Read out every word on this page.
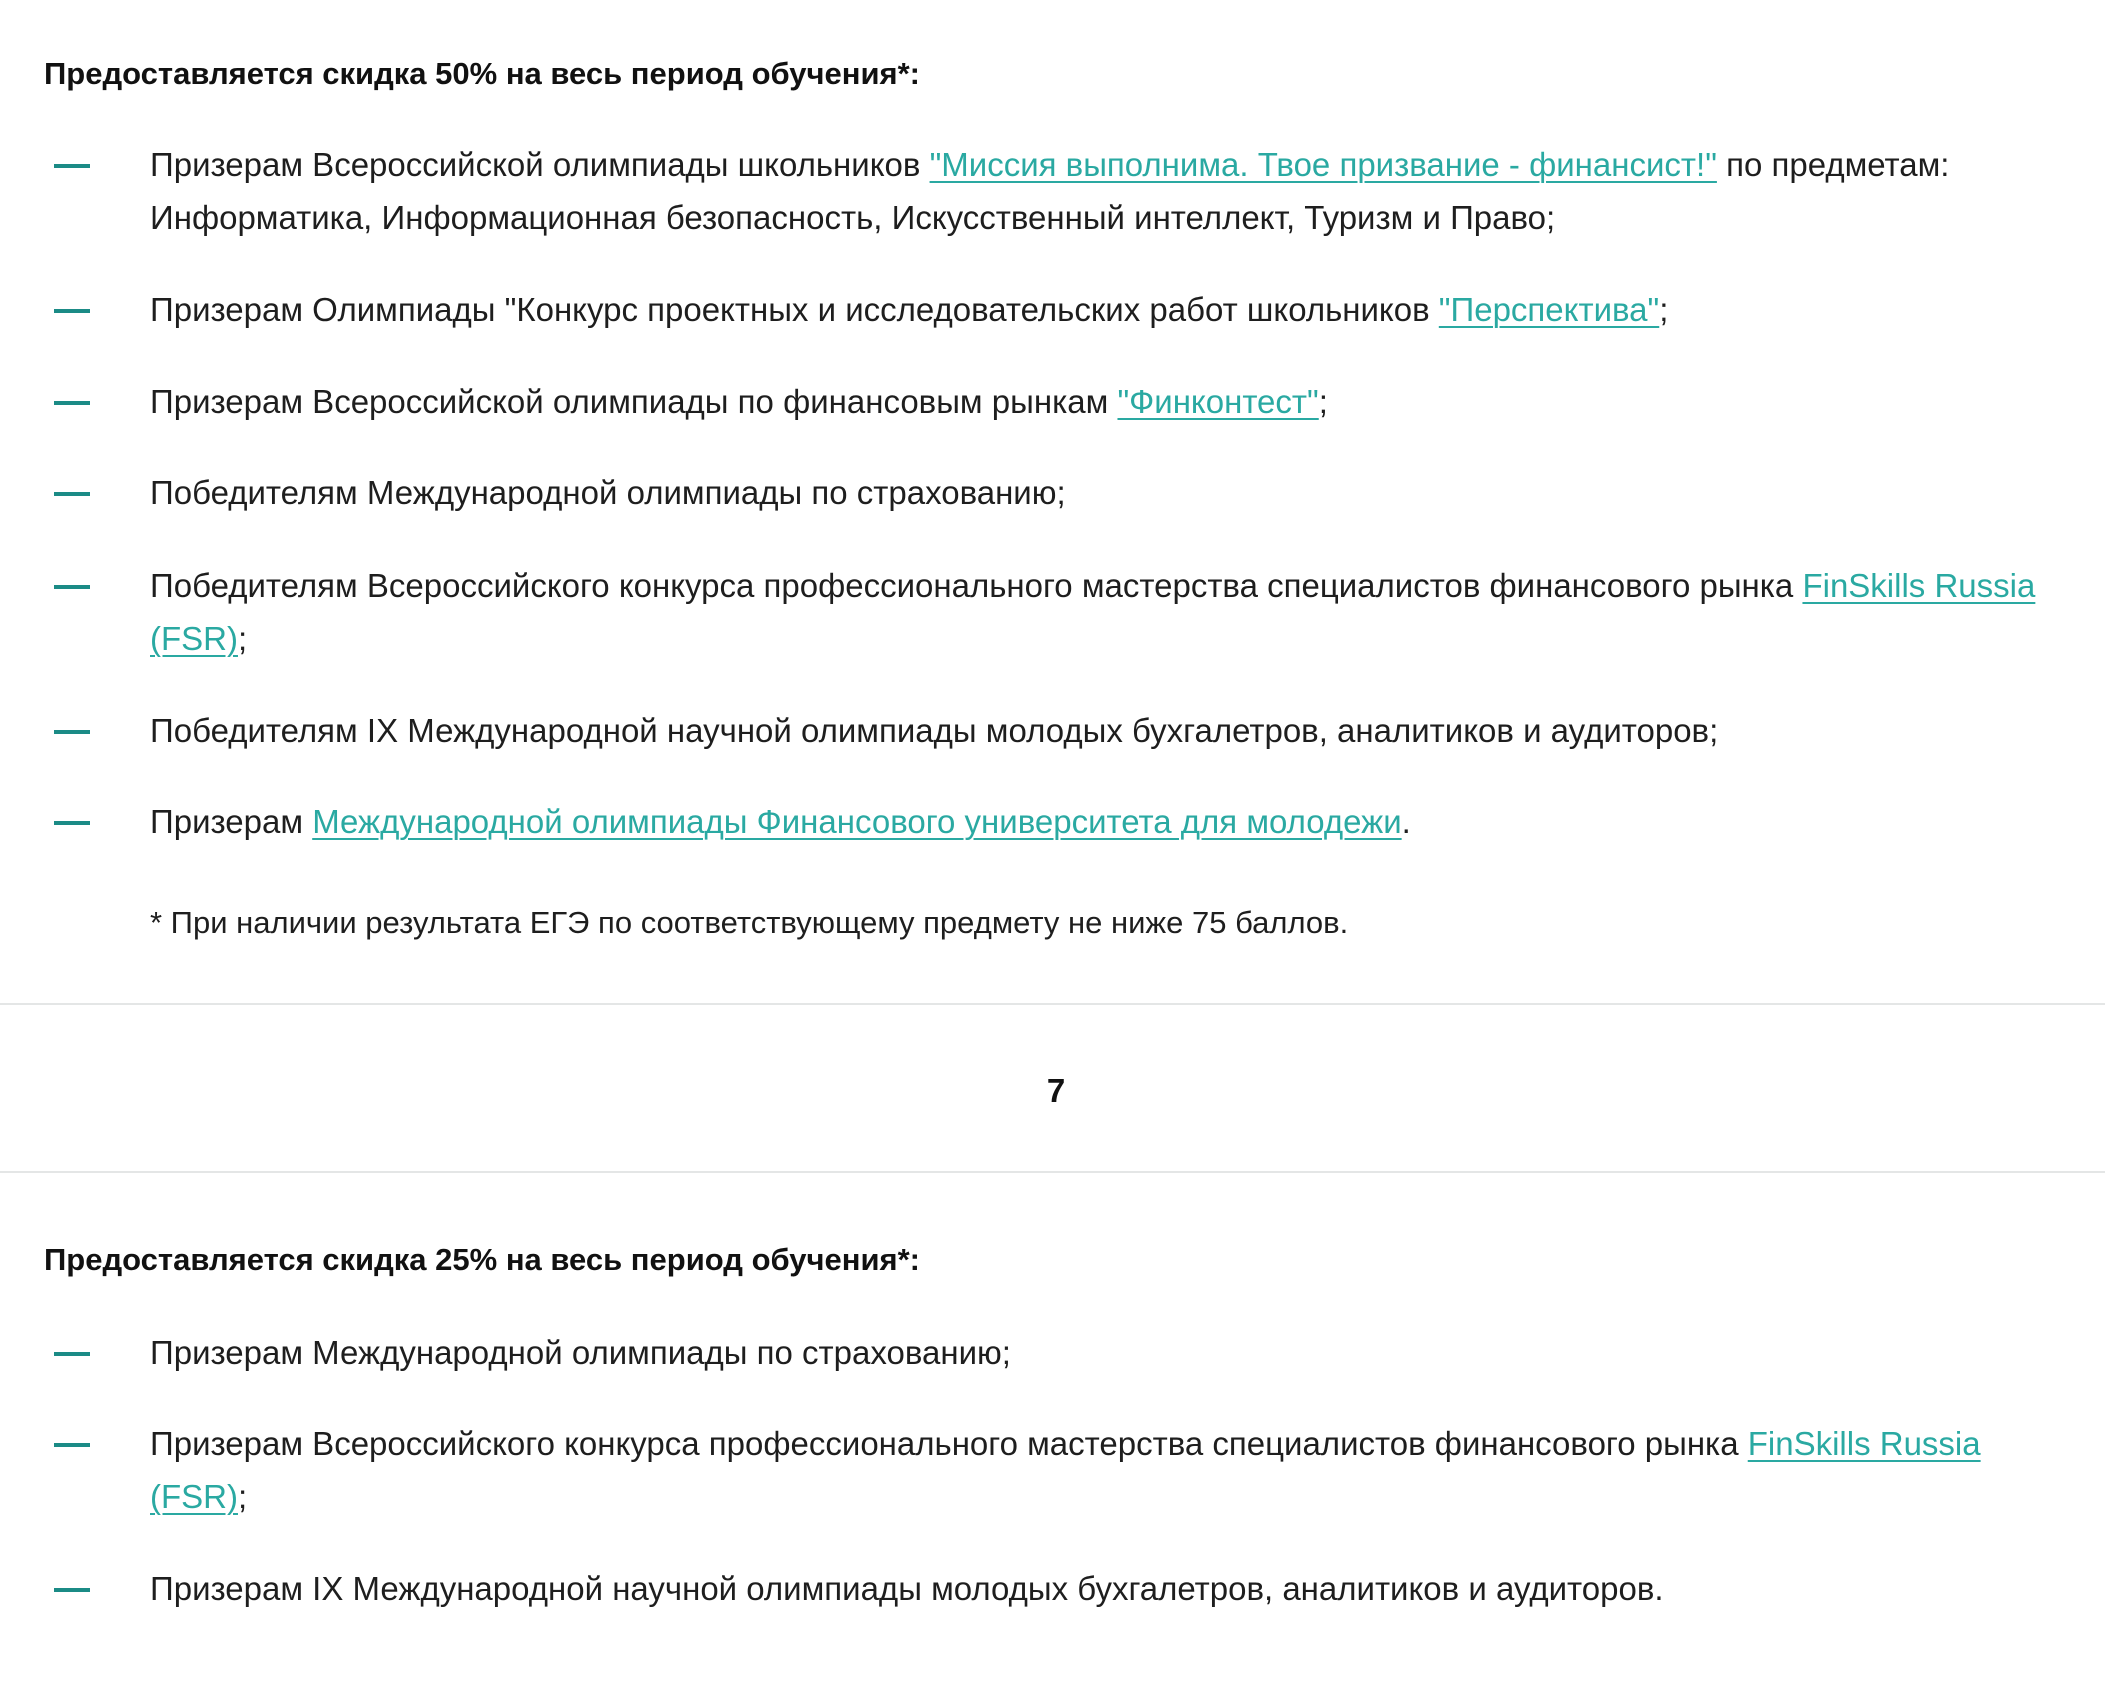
Предоставляется скидка 50% на весь период обучения*:
Призерам Всероссийской олимпиады школьников "Миссия выполнима. Твое призвание - финансист!" по предметам: Информатика, Информационная безопасность, Искусственный интеллект, Туризм и Право;
Призерам Олимпиады "Конкурс проектных и исследовательских работ школьников "Перспектива";
Призерам Всероссийской олимпиады по финансовым рынкам "Финконтест";
Победителям Международной олимпиады по страхованию;
Победителям Всероссийского конкурса профессионального мастерства специалистов финансового рынка FinSkills Russia (FSR);
Победителям IX Международной научной олимпиады молодых бухгалетров, аналитиков и аудиторов;
Призерам Международной олимпиады Финансового университета для молодежи.
* При наличии результата ЕГЭ по соответствующему предмету не ниже 75 баллов.
7
Предоставляется скидка 25% на весь период обучения*:
Призерам Международной олимпиады по страхованию;
Призерам Всероссийского конкурса профессионального мастерства специалистов финансового рынка FinSkills Russia (FSR);
Призерам IX Международной научной олимпиады молодых бухгалетров, аналитиков и аудиторов.
